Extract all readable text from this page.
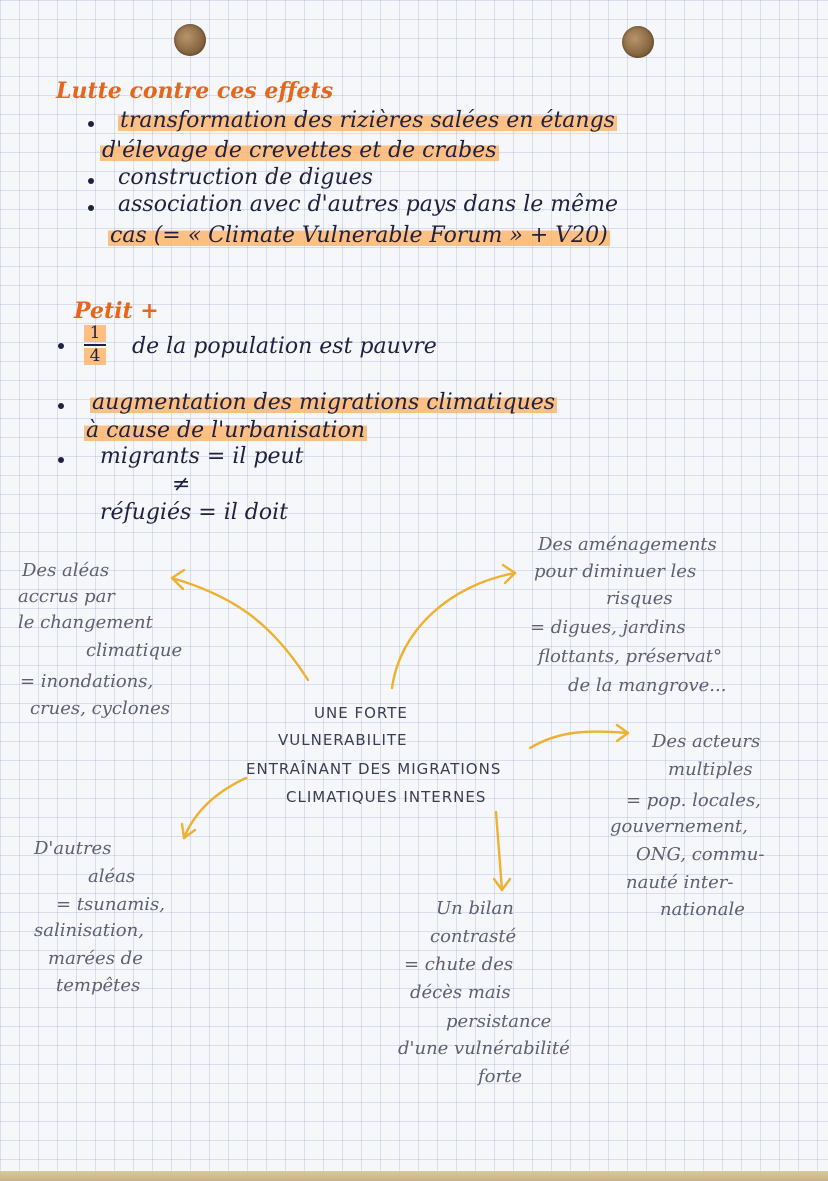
Lutte contre ces effets
transformation des rizières salées en étangs
d'élevage de crevettes et de crabes
construction de digues
association avec d'autres pays dans le même
cas (= « Climate Vulnerable Forum » + V20)
Petit +
1
4 de la population est pauvre
augmentation des migrations climatiques
à cause de l'urbanisation
migrants = il peut
≠
réfugiés = il doit
UNE FORTE
VULNERABILITE
ENTRAÎNANT DES MIGRATIONS
CLIMATIQUES INTERNES
Des aléas
accrus par
le changement
climatique
= inondations,
crues, cyclones
Des aménagements
pour diminuer les
risques
= digues, jardins
flottants, préservat°
de la mangrove...
Des acteurs
multiples
= pop. locales,
gouvernement,
ONG, commu-
nauté inter-
nationale
D'autres
aléas
= tsunamis,
salinisation,
marées de
tempêtes
Un bilan
contrasté
= chute des
décès mais
persistance
d'une vulnérabilité
forte
